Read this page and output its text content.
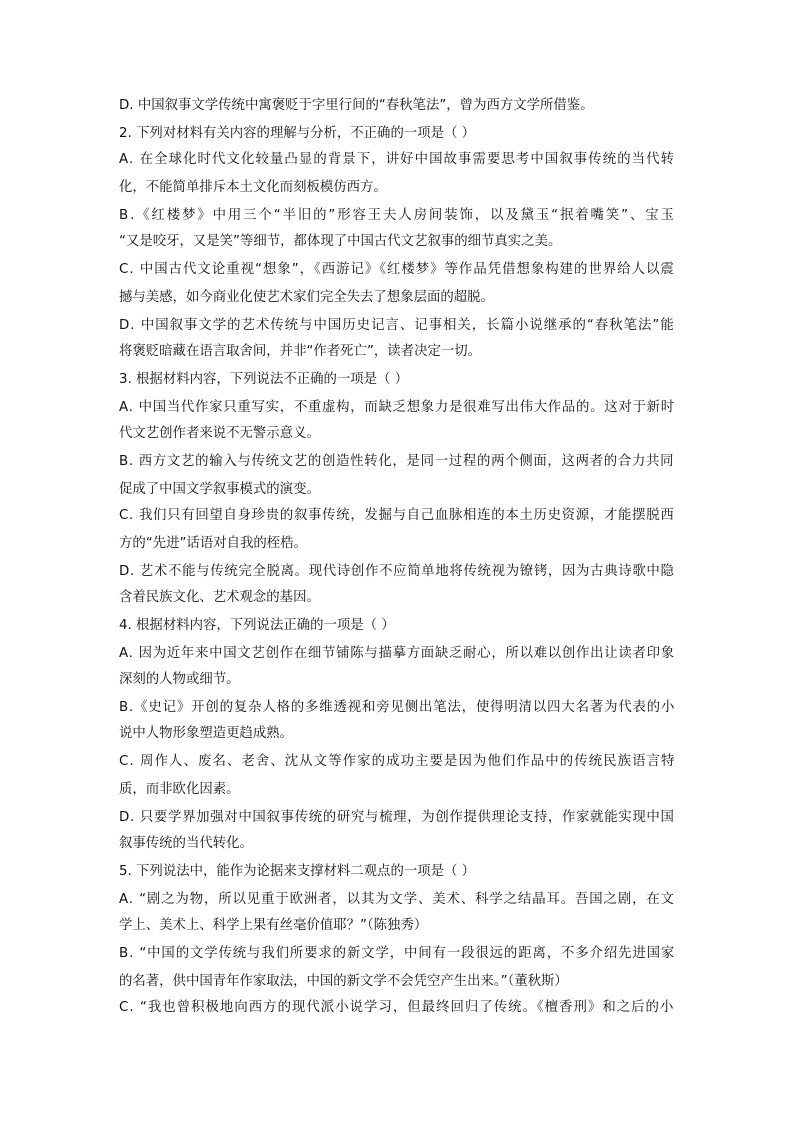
D. 中国叙事文学传统中寓褒贬于字里行间的“春秋笔法”，曾为西方文学所借鉴。
2. 下列对材料有关内容的理解与分析，不正确的一项是（ ）
A. 在全球化时代文化较量凸显的背景下，讲好中国故事需要思考中国叙事传统的当代转
化，不能简单排斥本土文化而刻板模仿西方。
B.《红楼梦》中用三个“半旧的”形容王夫人房间装饰，以及黛玉“抿着嘴笑”、宝玉
“又是咬牙，又是笑”等细节，都体现了中国古代文艺叙事的细节真实之美。
C. 中国古代文论重视“想象”，《西游记》《红楼梦》等作品凭借想象构建的世界给人以震
撼与美感，如今商业化使艺术家们完全失去了想象层面的超脱。
D. 中国叙事文学的艺术传统与中国历史记言、记事相关，长篇小说继承的“春秋笔法”能
将褒贬暗藏在语言取舍间，并非“作者死亡”，读者决定一切。
3. 根据材料内容，下列说法不正确的一项是（ ）
A. 中国当代作家只重写实，不重虚构，而缺乏想象力是很难写出伟大作品的。这对于新时
代文艺创作者来说不无警示意义。
B. 西方文艺的输入与传统文艺的创造性转化，是同一过程的两个侧面，这两者的合力共同
促成了中国文学叙事模式的演变。
C. 我们只有回望自身珍贵的叙事传统，发掘与自己血脉相连的本土历史资源，才能摆脱西
方的“先进”话语对自我的桎梏。
D. 艺术不能与传统完全脱离。现代诗创作不应简单地将传统视为镣铐，因为古典诗歌中隐
含着民族文化、艺术观念的基因。
4. 根据材料内容，下列说法正确的一项是（ ）
A. 因为近年来中国文艺创作在细节铺陈与描摹方面缺乏耐心，所以难以创作出让读者印象
深刻的人物或细节。
B.《史记》开创的复杂人格的多维透视和旁见侧出笔法，使得明清以四大名著为代表的小
说中人物形象塑造更趋成熟。
C. 周作人、废名、老舍、沈从文等作家的成功主要是因为他们作品中的传统民族语言特
质，而非欧化因素。
D. 只要学界加强对中国叙事传统的研究与梳理，为创作提供理论支持，作家就能实现中国
叙事传统的当代转化。
5. 下列说法中，能作为论据来支撑材料二观点的一项是（ ）
A. “剧之为物，所以见重于欧洲者，以其为文学、美术、科学之结晶耳。吾国之剧，在文
学上、美术上、科学上果有丝毫价值耶？”（陈独秀）
B. “中国的文学传统与我们所要求的新文学，中间有一段很远的距离，不多介绍先进国家
的名著，供中国青年作家取法，中国的新文学不会凭空产生出来。”（董秋斯）
C. “我也曾积极地向西方的现代派小说学习，但最终回归了传统。《檀香刑》和之后的小
